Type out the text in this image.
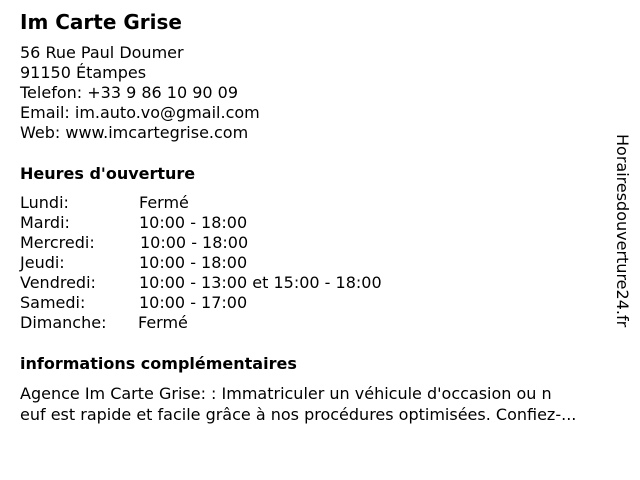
Im Carte Grise
56 Rue Paul Doumer
91150 Étampes
Telefon: +33 9 86 10 90 09
Email: im.auto.vo@gmail.com
Web: www.imcartegrise.com
Heures d'ouverture
Lundi:	Fermé
Mardi:	10:00 - 18:00
Mercredi:	10:00 - 18:00
Jeudi:	10:00 - 18:00
Vendredi:	10:00 - 13:00 et 15:00 - 18:00
Samedi:	10:00 - 17:00
Dimanche: Fermé
informations complémentaires
Agence Im Carte Grise: : Immatriculer un véhicule d'occasion ou n
euf est rapide et facile grâce à nos procédures optimisées. Confiez-...
Horairesdouverture24.fr
